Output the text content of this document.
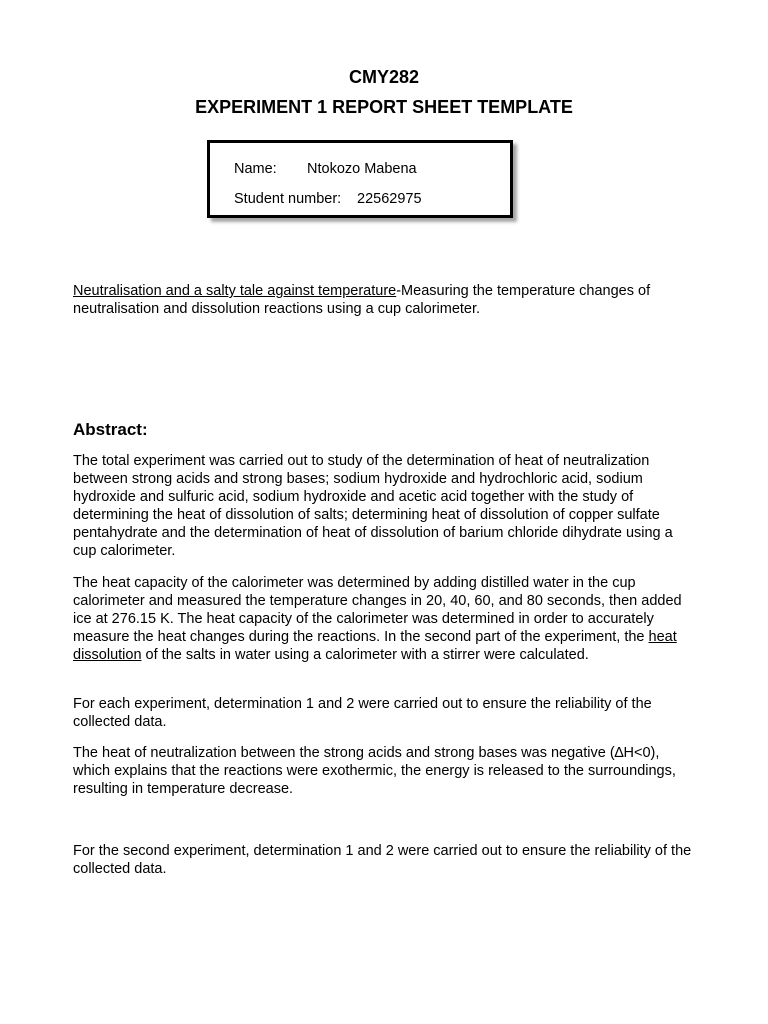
CMY282
EXPERIMENT 1 REPORT SHEET TEMPLATE
Name: Ntokozo Mabena
Student number: 22562975

Neutralisation and a salty tale against temperature-Measuring the temperature changes of neutralisation and dissolution reactions using a cup calorimeter.

Abstract:

The total experiment was carried out to study of the determination of heat of neutralization between strong acids and strong bases; sodium hydroxide and hydrochloric acid, sodium hydroxide and sulfuric acid, sodium hydroxide and acetic acid together with the study of determining the heat of dissolution of salts; determining heat of dissolution of copper sulfate pentahydrate and the determination of heat of dissolution of barium chloride dihydrate using a cup calorimeter.

The heat capacity of the calorimeter was determined by adding distilled water in the cup calorimeter and measured the temperature changes in 20, 40, 60, and 80 seconds, then added ice at 276.15 K. The heat capacity of the calorimeter was determined in order to accurately measure the heat changes during the reactions. In the second part of the experiment, the heat dissolution of the salts in water using a calorimeter with a stirrer were calculated.

For each experiment, determination 1 and 2 were carried out to ensure the reliability of the collected data.

The heat of neutralization between the strong acids and strong bases was negative (∆H<0), which explains that the reactions were exothermic, the energy is released to the surroundings, resulting in temperature decrease.

For the second experiment, determination 1 and 2 were carried out to ensure the reliability of the collected data.
